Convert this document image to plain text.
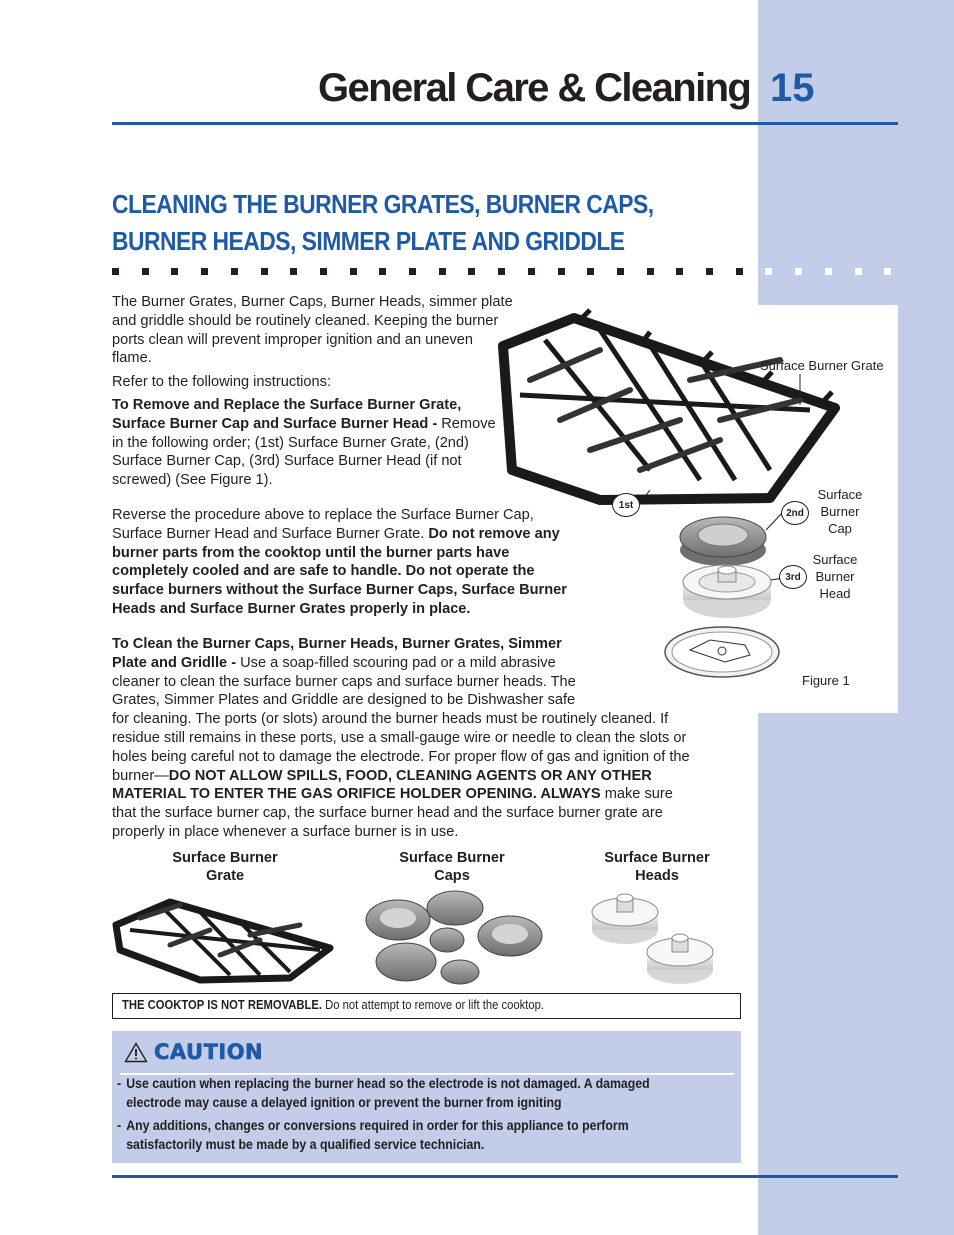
General Care & Cleaning 15
CLEANING THE BURNER GRATES, BURNER CAPS,
BURNER HEADS, SIMMER PLATE AND GRIDDLE
The Burner Grates, Burner Caps, Burner Heads, simmer plate
and griddle should be routinely cleaned. Keeping the burner
ports clean will prevent improper ignition and an uneven
flame.
Refer to the following instructions:
To Remove and Replace the Surface Burner Grate,
Surface Burner Cap and Surface Burner Head - Remove
in the following order; (1st) Surface Burner Grate, (2nd)
Surface Burner Cap, (3rd) Surface Burner Head (if not
screwed) (See Figure 1).
Reverse the procedure above to replace the Surface Burner Cap,
Surface Burner Head and Surface Burner Grate. Do not remove any
burner parts from the cooktop until the burner parts have
completely cooled and are safe to handle. Do not operate the
surface burners without the Surface Burner Caps, Surface Burner
Heads and Surface Burner Grates properly in place.
To Clean the Burner Caps, Burner Heads, Burner Grates, Simmer
Plate and Gridlle - Use a soap-filled scouring pad or a mild abrasive
cleaner to clean the surface burner caps and surface burner heads. The
Grates, Simmer Plates and Griddle are designed to be Dishwasher safe
for cleaning. The ports (or slots) around the burner heads must be routinely cleaned. If
residue still remains in these ports, use a small-gauge wire or needle to clean the slots or
holes being careful not to damage the electrode. For proper flow of gas and ignition of the
burner—DO NOT ALLOW SPILLS, FOOD, CLEANING AGENTS OR ANY OTHER
MATERIAL TO ENTER THE GAS ORIFICE HOLDER OPENING. ALWAYS make sure
that the surface burner cap, the surface burner head and the surface burner grate are
properly in place whenever a surface burner is in use.
Surface Burner Grate
Surface
Burner
Cap
Surface
Burner
Head
1st
2nd
3rd
Figure 1
Surface Burner
Grate
Surface Burner
Caps
Surface Burner
Heads
THE COOKTOP IS NOT REMOVABLE. Do not attempt to remove or lift the cooktop.
CAUTION
- Use caution when replacing the burner head so the electrode is not damaged. A damaged
electrode may cause a delayed ignition or prevent the burner from igniting
- Any additions, changes or conversions required in order for this appliance to perform
satisfactorily must be made by a qualified service technician.
